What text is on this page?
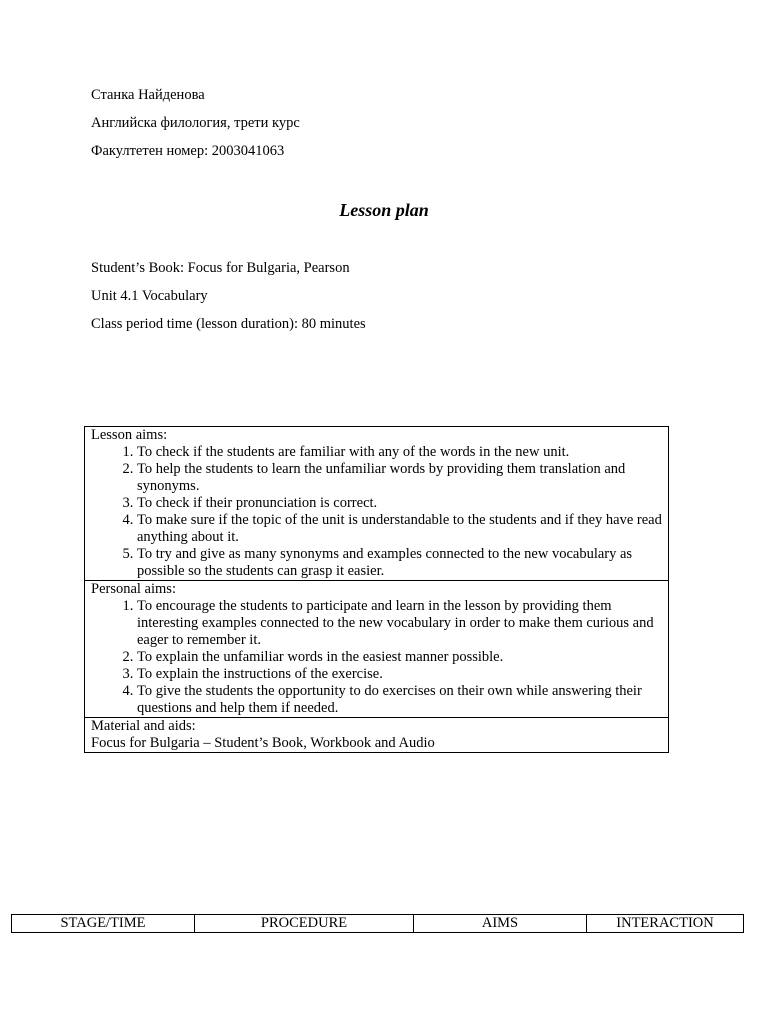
Станка Найденова
Английска филология, трети курс
Факултетен номер: 2003041063
Lesson plan
Student’s Book: Focus for Bulgaria, Pearson
Unit 4.1 Vocabulary
Class period time (lesson duration): 80 minutes
Lesson aims:
1. To check if the students are familiar with any of the words in the new unit.
2. To help the students to learn the unfamiliar words by providing them translation and synonyms.
3. To check if their pronunciation is correct.
4. To make sure if the topic of the unit is understandable to the students and if they have read anything about it.
5. To try and give as many synonyms and examples connected to the new vocabulary as possible so the students can grasp it easier.

Personal aims:
1. To encourage the students to participate and learn in the lesson by providing them interesting examples connected to the new vocabulary in order to make them curious and eager to remember it.
2. To explain the unfamiliar words in the easiest manner possible.
3. To explain the instructions of the exercise.
4. To give the students the opportunity to do exercises on their own while answering their questions and help them if needed.

Material and aids:
Focus for Bulgaria – Student’s Book, Workbook and Audio
STAGE/TIME	PROCEDURE	AIMS	INTERACTION
